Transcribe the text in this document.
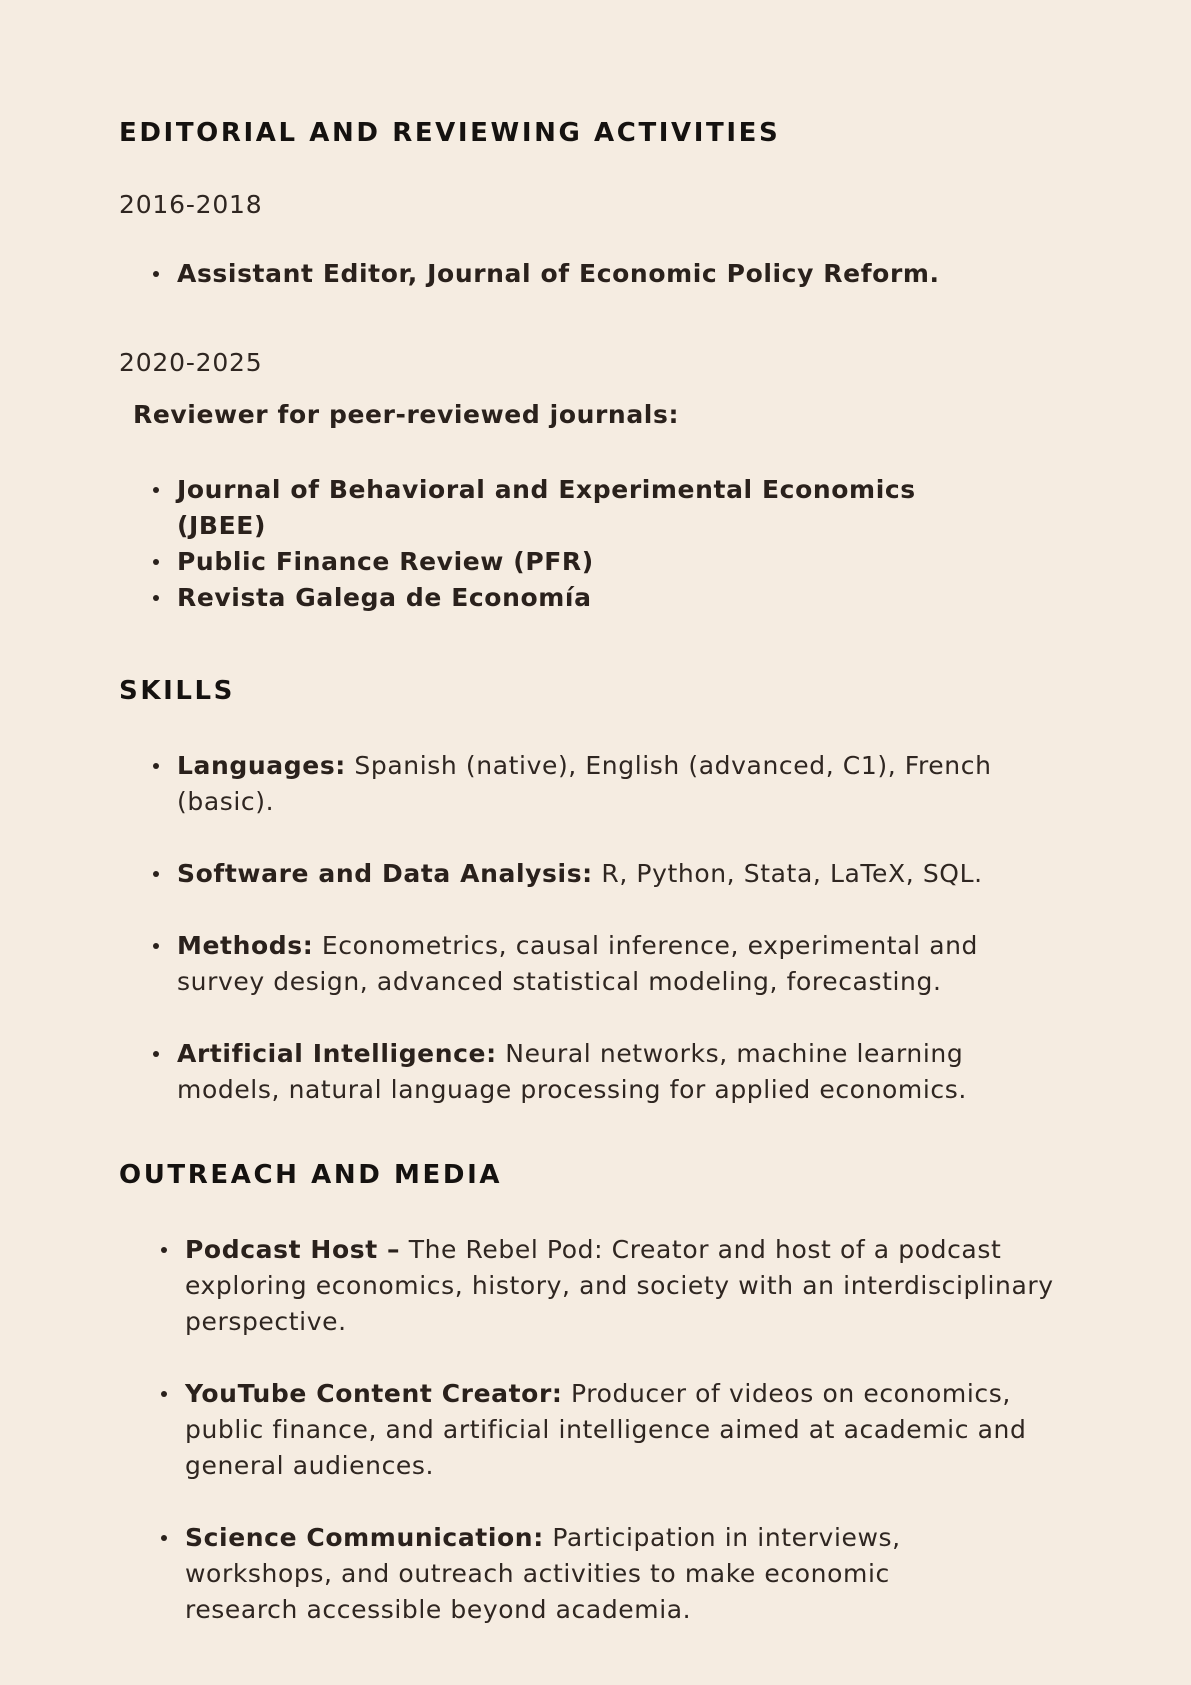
EDITORIAL AND REVIEWING ACTIVITIES
2016-2018
Assistant Editor, Journal of Economic Policy Reform.
2020-2025
Reviewer for peer-reviewed journals:
Journal of Behavioral and Experimental Economics (JBEE)
Public Finance Review (PFR)
Revista Galega de Economía
SKILLS
Languages: Spanish (native), English (advanced, C1), French (basic).
Software and Data Analysis: R, Python, Stata, LaTeX, SQL.
Methods: Econometrics, causal inference, experimental and survey design, advanced statistical modeling, forecasting.
Artificial Intelligence: Neural networks, machine learning models, natural language processing for applied economics.
OUTREACH AND MEDIA
Podcast Host – The Rebel Pod: Creator and host of a podcast exploring economics, history, and society with an interdisciplinary perspective.
YouTube Content Creator: Producer of videos on economics, public finance, and artificial intelligence aimed at academic and general audiences.
Science Communication: Participation in interviews, workshops, and outreach activities to make economic research accessible beyond academia.
